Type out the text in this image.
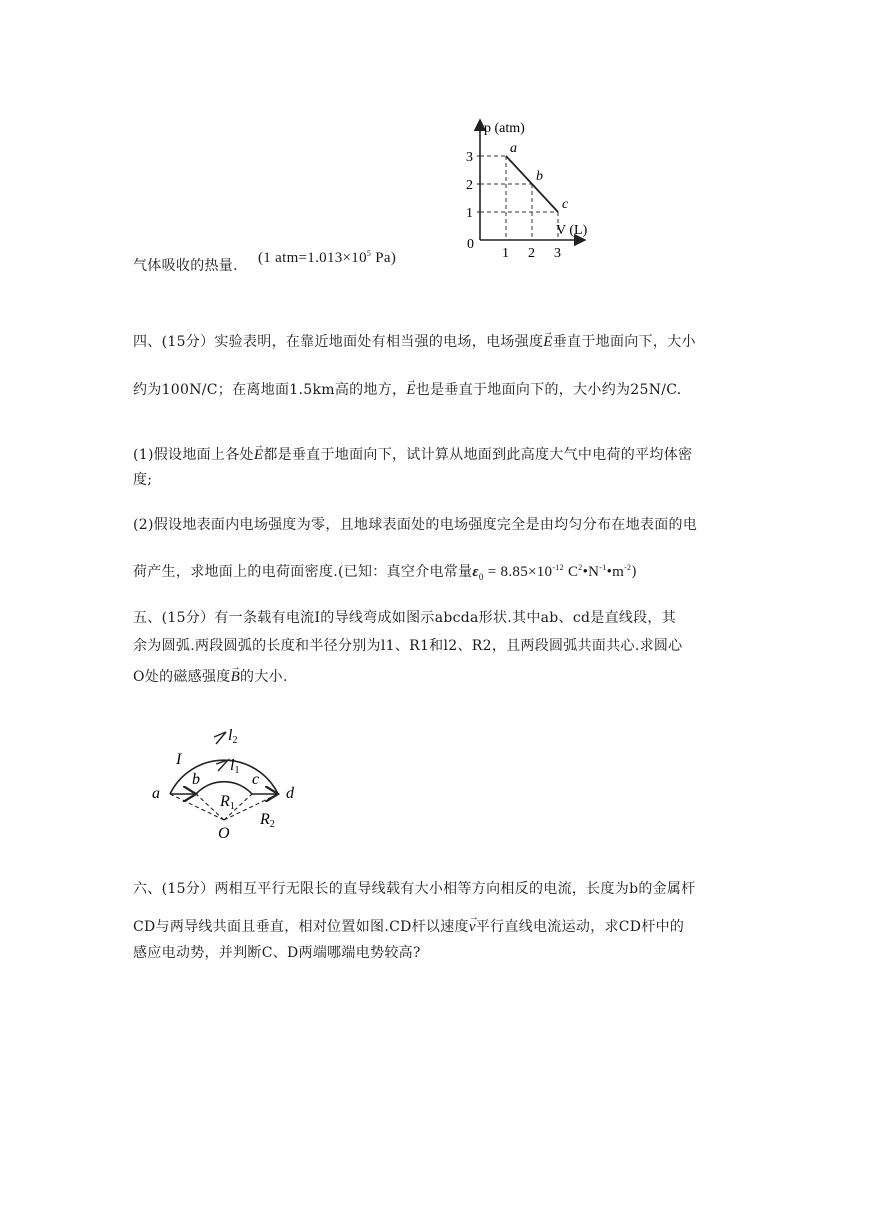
a
b
c
1
2
3
1 2 3
p (atm)
V (L)
0
气体吸收的热量. (1 $atm=1.013\times 10^5$ Pa)
四、(15分）实验表明，在靠近地面处有相当强的电场，电场强度→ E垂直于地面向下，大小
约为100N/C；在离地面1.5km高的地方，→ E也是垂直于地面向下的，大小约为25N/C.
(1)假设地面上各处→ E都是垂直于地面向下，试计算从地面到此高度大气中电荷的平均体密
度;
(2)假设地表面内电场强度为零，且地球表面处的电场强度完全是由均匀分布在地表面的电
荷产生，求地面上的电荷面密度.(已知：真空介电常量$\varepsilon_0 = 8.85\times 10^{-12}$ $C^2•N^{-1}•m^{-2}$)
五、(15分）有一条载有电流I的导线弯成如图示abcda形状.其中ab、cd是直线段，其
余为圆弧.两段圆弧的长度和半径分别为l1、R1和l2、R2，且两段圆弧共面共心.求圆心
O处的磁感强度→ B的大小.
I
a
b	c
d
O
l2
l1
R1
R2
六、(15分）两相互平行无限长的直导线载有大小相等方向相反的电流，长度为b的金属杆
CD与两导线共面且垂直，相对位置如图.CD杆以速度→ v平行直线电流运动，求CD杆中的
感应电动势，并判断C、D两端哪端电势较高?
